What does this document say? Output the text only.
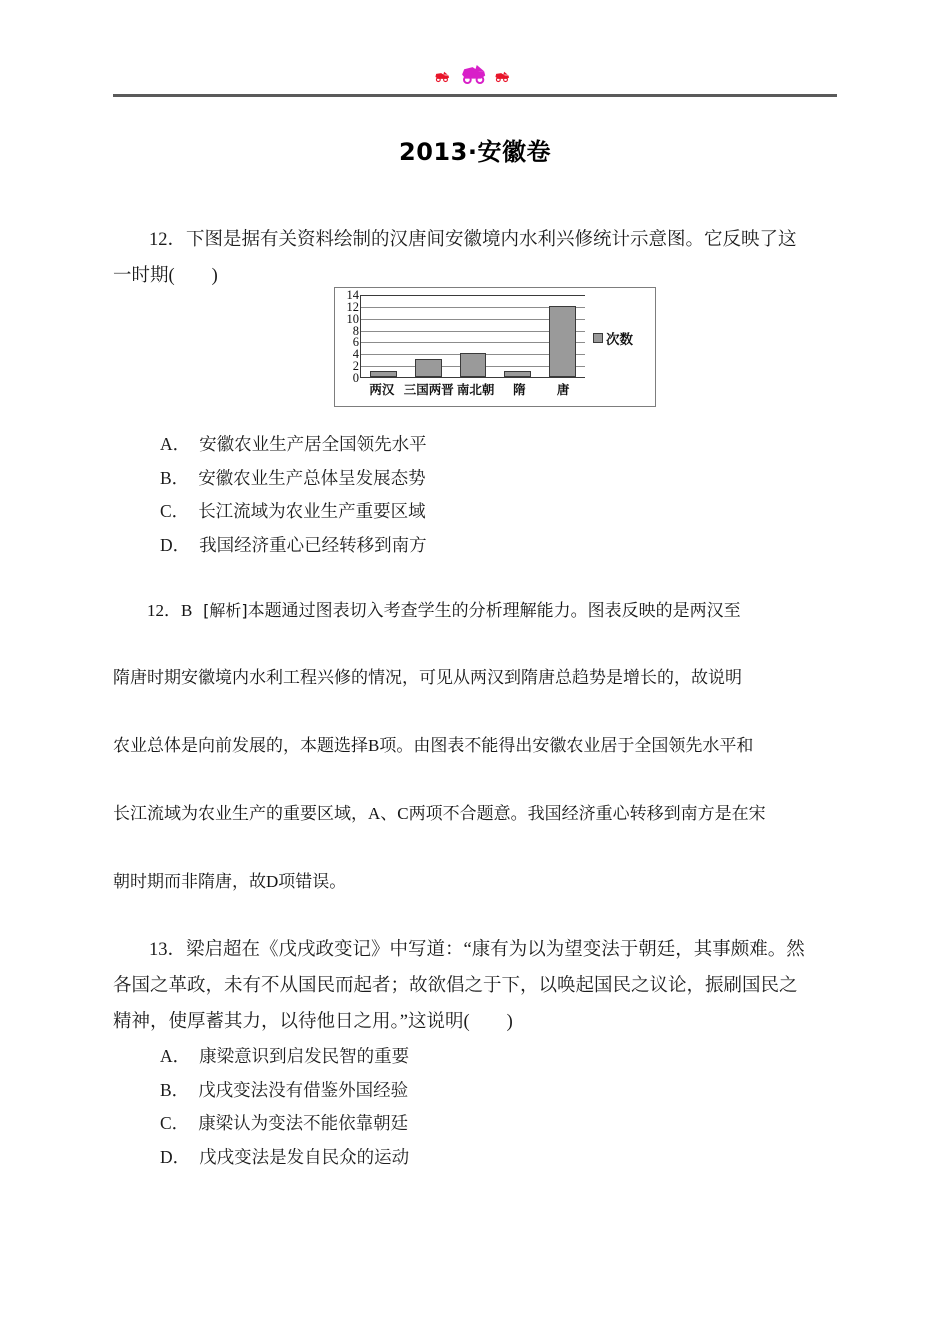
2013·安徽卷
12．下图是据有关资料绘制的汉唐间安徽境内水利兴修统计示意图。它反映了这
一时期(　　)
0
2
4
6
8
10
12
14
两汉 三国两晋 南北朝	隋	唐
次数
A． 安徽农业生产居全国领先水平
B． 安徽农业生产总体呈发展态势
C． 长江流域为农业生产重要区域
D． 我国经济重心已经转移到南方
12．B [解析]本题通过图表切入考查学生的分析理解能力。图表反映的是两汉至
隋唐时期安徽境内水利工程兴修的情况，可见从两汉到隋唐总趋势是增长的，故说明
农业总体是向前发展的，本题选择B项。由图表不能得出安徽农业居于全国领先水平和
长江流域为农业生产的重要区域，A、C两项不合题意。我国经济重心转移到南方是在宋
朝时期而非隋唐，故D项错误。
13．梁启超在《戊戌政变记》中写道：“康有为以为望变法于朝廷，其事颇难。然
各国之革政，未有不从国民而起者；故欲倡之于下，以唤起国民之议论，振刷国民之
精神，使厚蓄其力，以待他日之用。”这说明(　　)
A． 康梁意识到启发民智的重要
B． 戊戌变法没有借鉴外国经验
C． 康梁认为变法不能依靠朝廷
D． 戊戌变法是发自民众的运动
